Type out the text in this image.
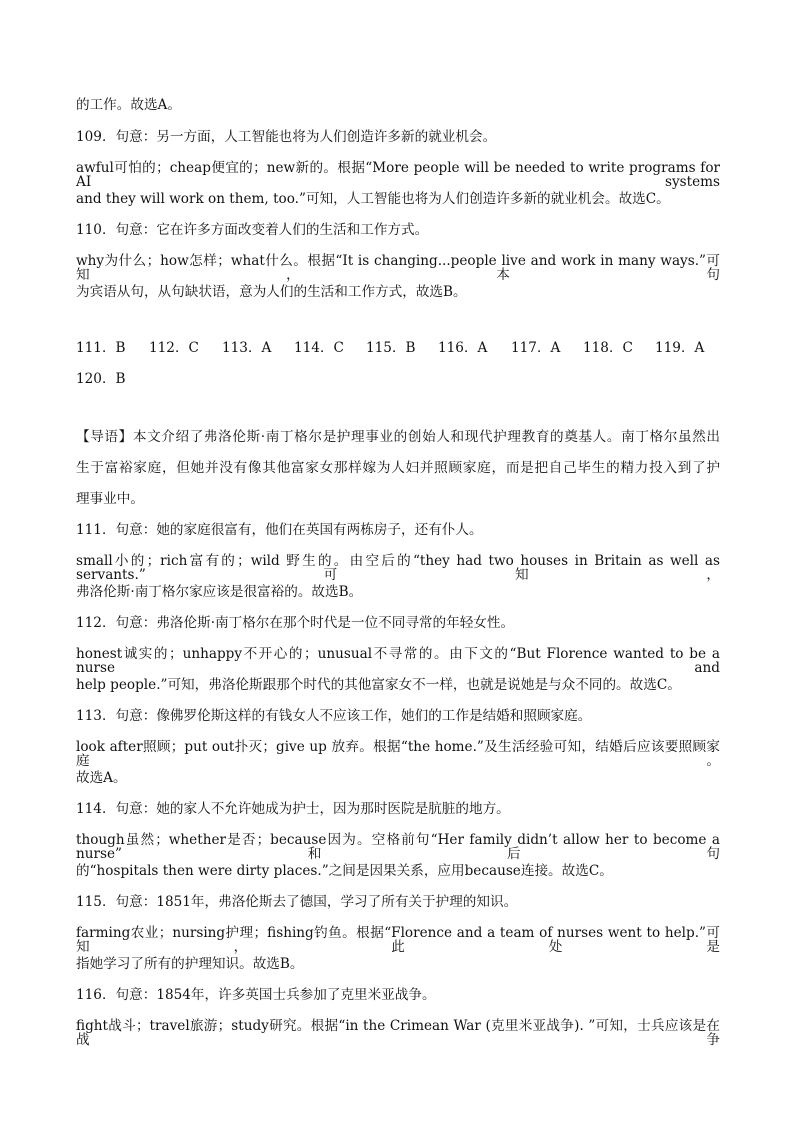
的工作。故选A。
109．句意：另一方面，人工智能也将为人们创造许多新的就业机会。
awful可怕的；cheap便宜的；new新的。根据“More people will be needed to write programs for AI systems
and they will work on them, too.”可知，人工智能也将为人们创造许多新的就业机会。故选C。
110．句意：它在许多方面改变着人们的生活和工作方式。
why为什么；how怎样；what什么。根据“It is changing...people live and work in many ways.”可知，本句
为宾语从句，从句缺状语，意为人们的生活和工作方式，故选B。
111．B 112．C 113．A 114．C 115．B 116．A 117．A 118．C 119．A
120．B
【导语】本文介绍了弗洛伦斯·南丁格尔是护理事业的创始人和现代护理教育的奠基人。南丁格尔虽然出
生于富裕家庭，但她并没有像其他富家女那样嫁为人妇并照顾家庭，而是把自己毕生的精力投入到了护
理事业中。
111．句意：她的家庭很富有，他们在英国有两栋房子，还有仆人。
small小的；rich富有的；wild 野生的。由空后的“they had two houses in Britain as well as servants.”可知，
弗洛伦斯·南丁格尔家应该是很富裕的。故选B。
112．句意：弗洛伦斯·南丁格尔在那个时代是一位不同寻常的年轻女性。
honest诚实的；unhappy不开心的；unusual不寻常的。由下文的“But Florence wanted to be a nurse and
help people.”可知，弗洛伦斯跟那个时代的其他富家女不一样，也就是说她是与众不同的。故选C。
113．句意：像佛罗伦斯这样的有钱女人不应该工作，她们的工作是结婚和照顾家庭。
look after照顾；put out扑灭；give up 放弃。根据“the home.”及生活经验可知，结婚后应该要照顾家庭。
故选A。
114．句意：她的家人不允许她成为护士，因为那时医院是肮脏的地方。
though虽然；whether是否；because因为。空格前句“Her family didn’t allow her to become a nurse”和后句
的“hospitals then were dirty places.”之间是因果关系，应用because连接。故选C。
115．句意：1851年，弗洛伦斯去了德国，学习了所有关于护理的知识。
farming农业；nursing护理；fishing钓鱼。根据“Florence and a team of nurses went to help.”可知，此处是
指她学习了所有的护理知识。故选B。
116．句意：1854年，许多英国士兵参加了克里米亚战争。
fight战斗；travel旅游；study研究。根据“in the Crimean War (克里米亚战争). ”可知，士兵应该是在战争
